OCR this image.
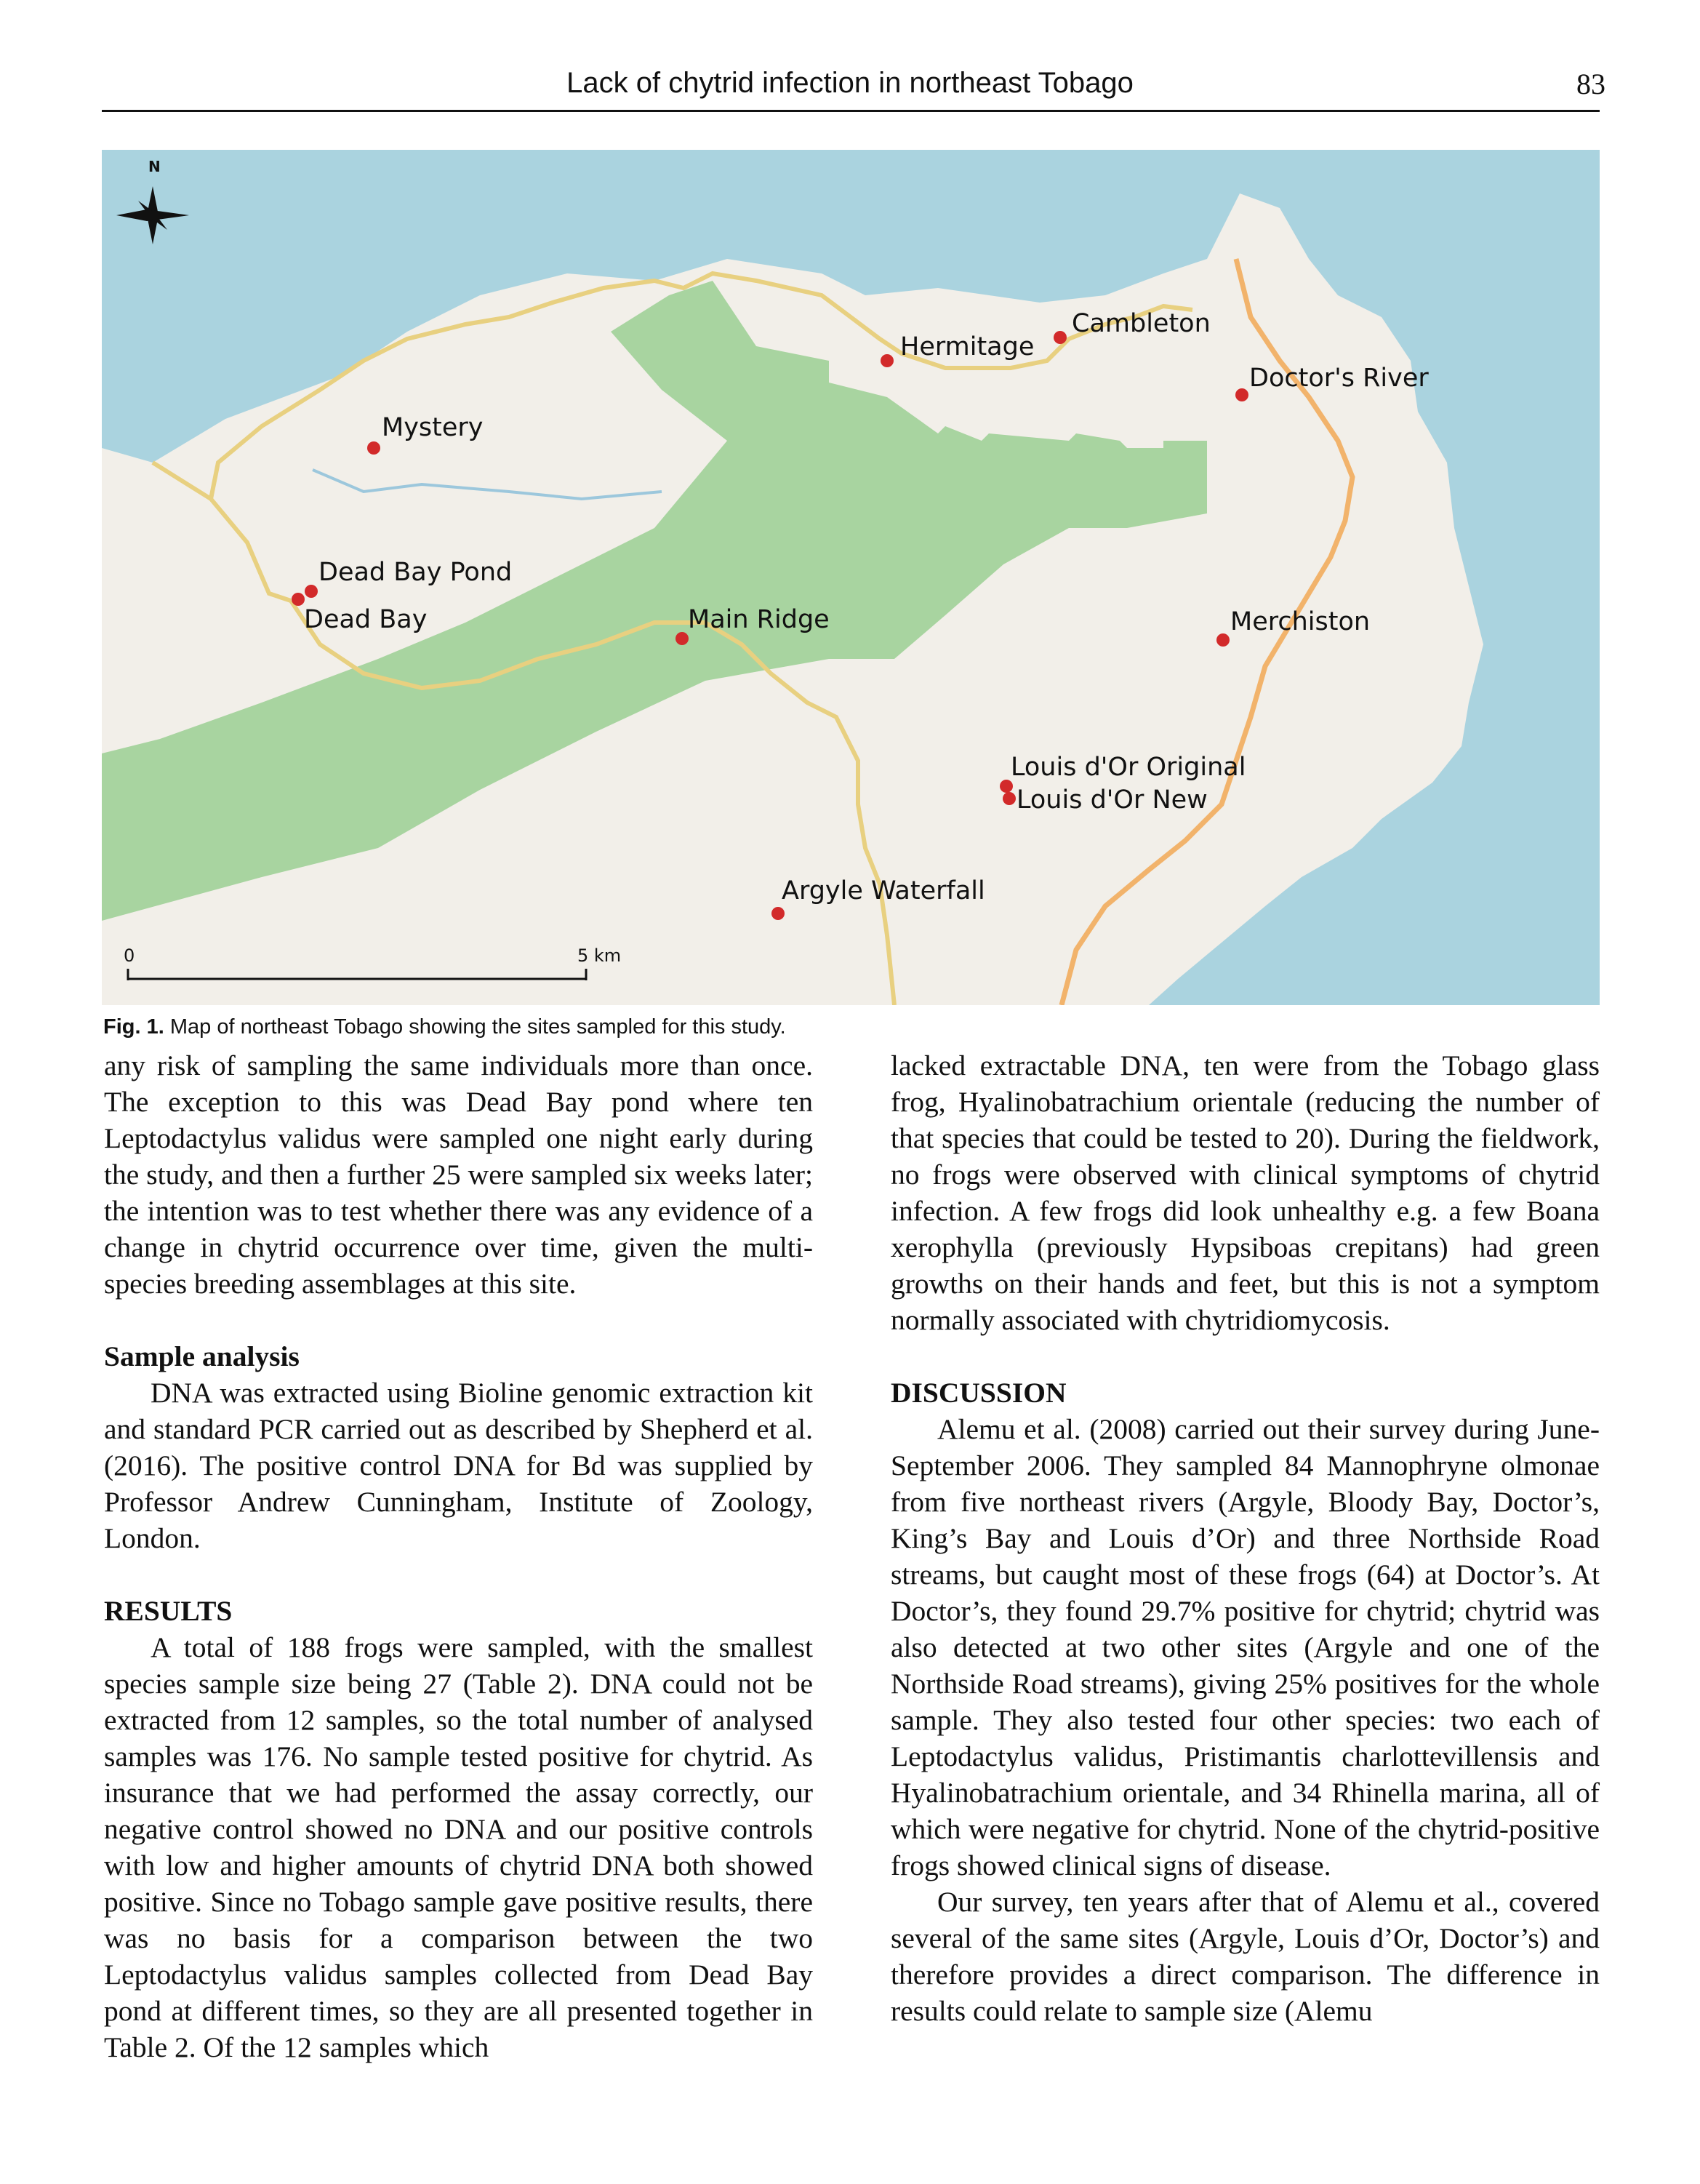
Lack of chytrid infection in northeast Tobago	83
N
Cambleton
Hermitage
Doctor's River
Mystery
Dead Bay Pond
Dead Bay	Main Ridge	Merchiston
Louis d'Or Original
Louis d'Or New
Argyle Waterfall
0	5 km
Fig. 1. Map of northeast Tobago showing the sites sampled for this study.

any risk of sampling the same individuals more than once. The exception to this was Dead Bay pond where ten Leptodactylus validus were sampled one night early during the study, and then a further 25 were sampled six weeks later; the intention was to test whether there was any evidence of a change in chytrid occurrence over time, given the multi-species breeding assemblages at this site.

Sample analysis

DNA was extracted using Bioline genomic extraction kit and standard PCR carried out as described by Shepherd et al. (2016). The positive control DNA for Bd was supplied by Professor Andrew Cunningham, Institute of Zoology, London.

RESULTS

A total of 188 frogs were sampled, with the smallest species sample size being 27 (Table 2). DNA could not be extracted from 12 samples, so the total number of analysed samples was 176. No sample tested positive for chytrid. As insurance that we had performed the assay correctly, our negative control showed no DNA and our positive controls with low and higher amounts of chytrid DNA both showed positive. Since no Tobago sample gave positive results, there was no basis for a comparison between the two Leptodactylus validus samples collected from Dead Bay pond at different times, so they are all presented together in Table 2. Of the 12 samples which

lacked extractable DNA, ten were from the Tobago glass frog, Hyalinobatrachium orientale (reducing the number of that species that could be tested to 20). During the fieldwork, no frogs were observed with clinical symptoms of chytrid infection. A few frogs did look unhealthy e.g. a few Boana xerophylla (previously Hypsiboas crepitans) had green growths on their hands and feet, but this is not a symptom normally associated with chytridiomycosis.

DISCUSSION

Alemu et al. (2008) carried out their survey during June-September 2006. They sampled 84 Mannophryne olmonae from five northeast rivers (Argyle, Bloody Bay, Doctor’s, King’s Bay and Louis d’Or) and three Northside Road streams, but caught most of these frogs (64) at Doctor’s. At Doctor’s, they found 29.7% positive for chytrid; chytrid was also detected at two other sites (Argyle and one of the Northside Road streams), giving 25% positives for the whole sample. They also tested four other species: two each of Leptodactylus validus, Pristimantis charlottevillensis and Hyalinobatrachium orientale, and 34 Rhinella marina, all of which were negative for chytrid. None of the chytrid-positive frogs showed clinical signs of disease.

Our survey, ten years after that of Alemu et al., covered several of the same sites (Argyle, Louis d’Or, Doctor’s) and therefore provides a direct comparison. The difference in results could relate to sample size (Alemu
